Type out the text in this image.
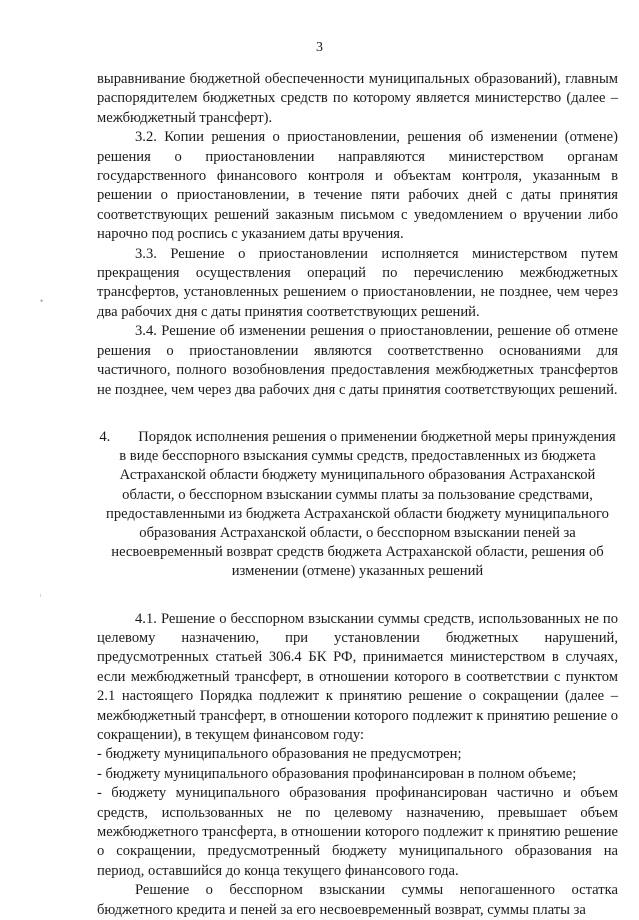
3
•
ᵢ

выравнивание бюджетной обеспеченности муниципальных образований), главным распорядителем бюджетных средств по которому является министерство (далее – межбюджетный трансферт).

3.2. Копии решения о приостановлении, решения об изменении (отмене) решения о приостановлении направляются министерством органам государственного финансового контроля и объектам контроля, указанным в решении о приостановлении, в течение пяти рабочих дней с даты принятия соответствующих решений заказным письмом с уведомлением о вручении либо нарочно под роспись с указанием даты вручения.

3.3. Решение о приостановлении исполняется министерством путем прекращения осуществления операций по перечислению межбюджетных трансфертов, установленных решением о приостановлении, не позднее, чем через два рабочих дня с даты принятия соответствующих решений.

3.4. Решение об изменении решения о приостановлении, решение об отмене решения о приостановлении являются соответственно основаниями для частичного, полного возобновления предоставления межбюджетных трансфертов не позднее, чем через два рабочих дня с даты принятия соответствующих решений.

4. Порядок исполнения решения о применении бюджетной меры принуждения в виде бесспорного взыскания суммы средств, предоставленных из бюджета Астраханской области бюджету муниципального образования Астраханской области, о бесспорном взыскании суммы платы за пользование средствами, предоставленными из бюджета Астраханской области бюджету муниципального образования Астраханской области, о бесспорном взыскании пеней за несвоевременный возврат средств бюджета Астраханской области, решения об изменении (отмене) указанных решений

4.1. Решение о бесспорном взыскании суммы средств, использованных не по целевому назначению, при установлении бюджетных нарушений, предусмотренных статьей 306.4 БК РФ, принимается министерством в случаях, если межбюджетный трансферт, в отношении которого в соответствии с пунктом 2.1 настоящего Порядка подлежит к принятию решение о сокращении (далее – межбюджетный трансферт, в отношении которого подлежит к принятию решение о сокращении), в текущем финансовом году:

- бюджету муниципального образования не предусмотрен;

- бюджету муниципального образования профинансирован в полном объеме;

- бюджету муниципального образования профинансирован частично и объем средств, использованных не по целевому назначению, превышает объем межбюджетного трансферта, в отношении которого подлежит к принятию решение о сокращении, предусмотренный бюджету муниципального образования на период, оставшийся до конца текущего финансового года.

Решение о бесспорном взыскании суммы непогашенного остатка бюджетного кредита и пеней за его несвоевременный возврат, суммы платы за
